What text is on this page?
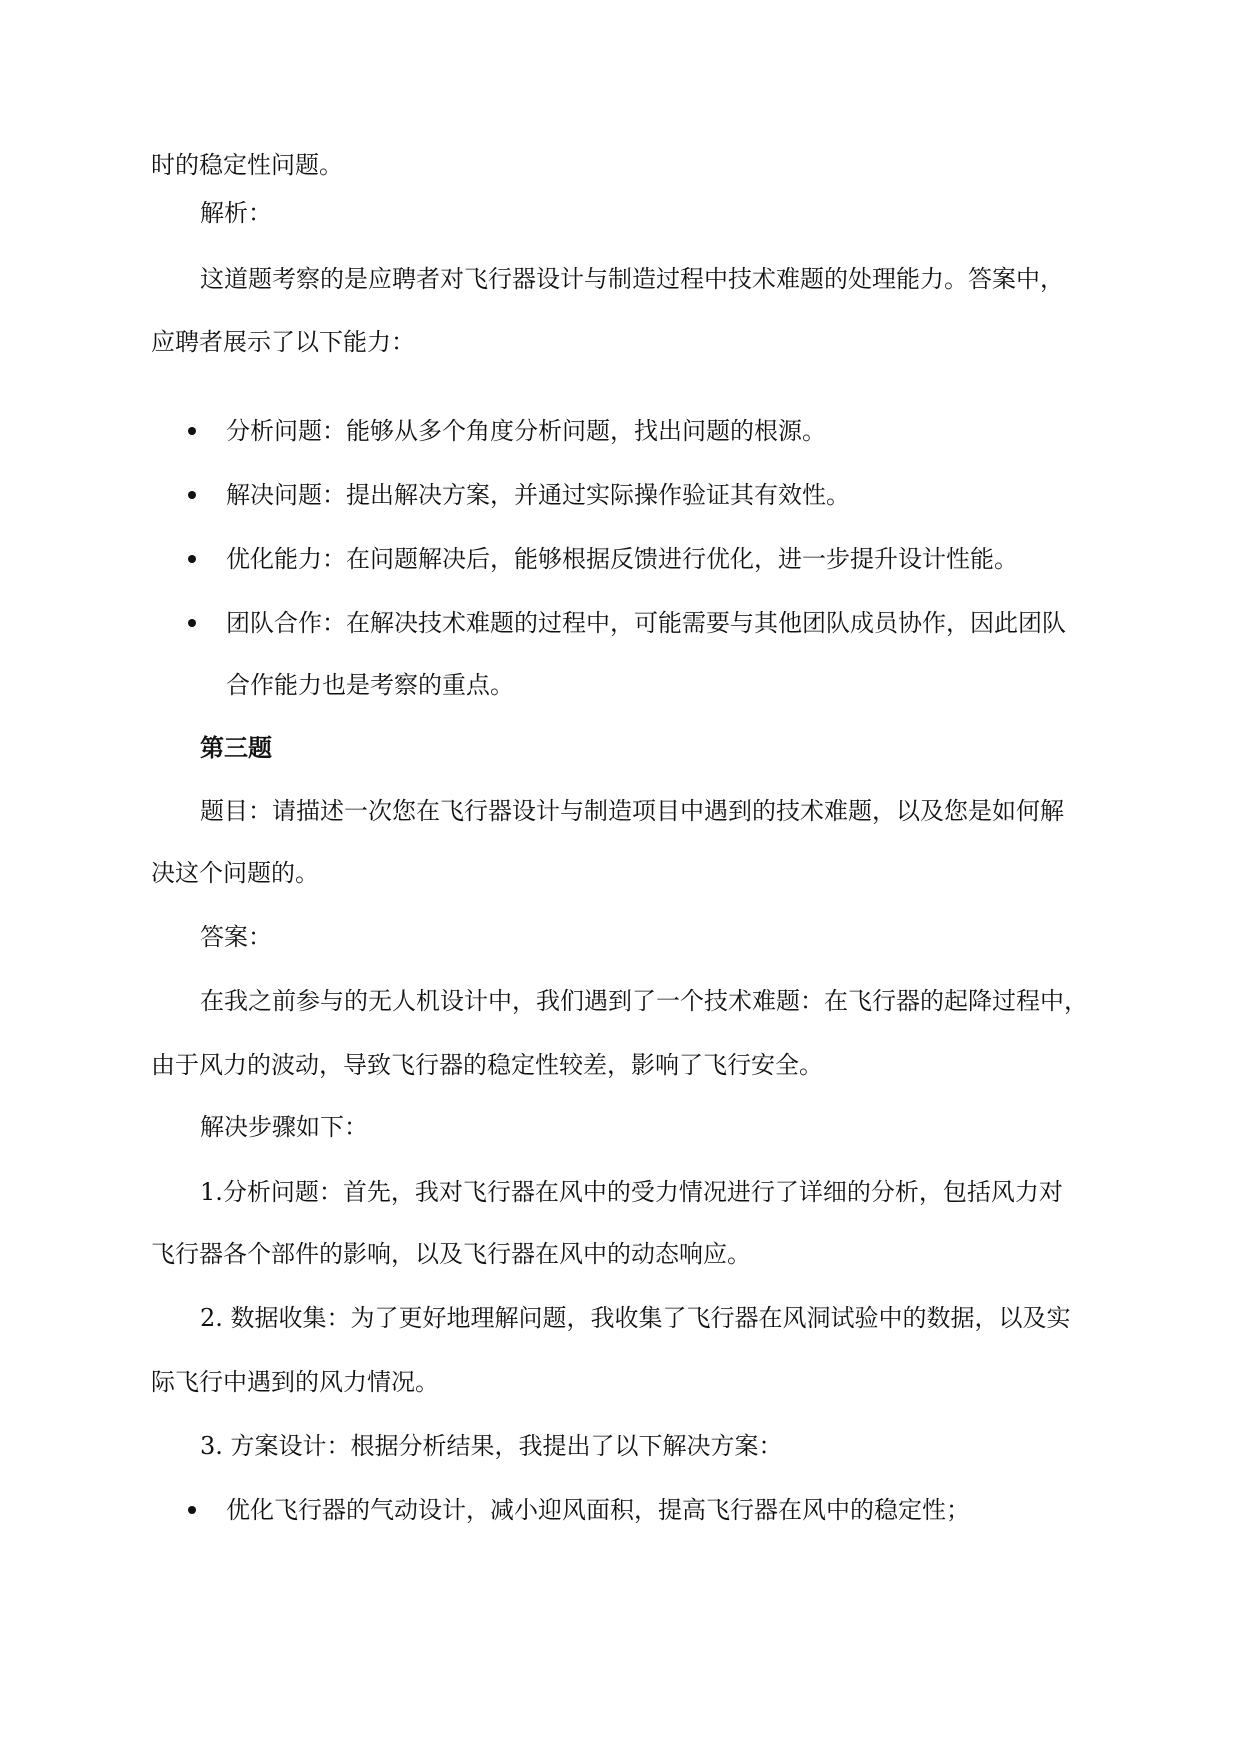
时的稳定性问题。
解析：
这道题考察的是应聘者对飞行器设计与制造过程中技术难题的处理能力。答案中，
应聘者展示了以下能力：
分析问题：能够从多个角度分析问题，找出问题的根源。
解决问题：提出解决方案，并通过实际操作验证其有效性。
优化能力：在问题解决后，能够根据反馈进行优化，进一步提升设计性能。
团队合作：在解决技术难题的过程中，可能需要与其他团队成员协作，因此团队
合作能力也是考察的重点。
第三题
题目：请描述一次您在飞行器设计与制造项目中遇到的技术难题，以及您是如何解
决这个问题的。
答案：
在我之前参与的无人机设计中，我们遇到了一个技术难题：在飞行器的起降过程中，
由于风力的波动，导致飞行器的稳定性较差，影响了飞行安全。
解决步骤如下：
1.分析问题：首先，我对飞行器在风中的受力情况进行了详细的分析，包括风力对
飞行器各个部件的影响，以及飞行器在风中的动态响应。
2. 数据收集：为了更好地理解问题，我收集了飞行器在风洞试验中的数据，以及实
际飞行中遇到的风力情况。
3. 方案设计：根据分析结果，我提出了以下解决方案：
优化飞行器的气动设计，减小迎风面积，提高飞行器在风中的稳定性；
